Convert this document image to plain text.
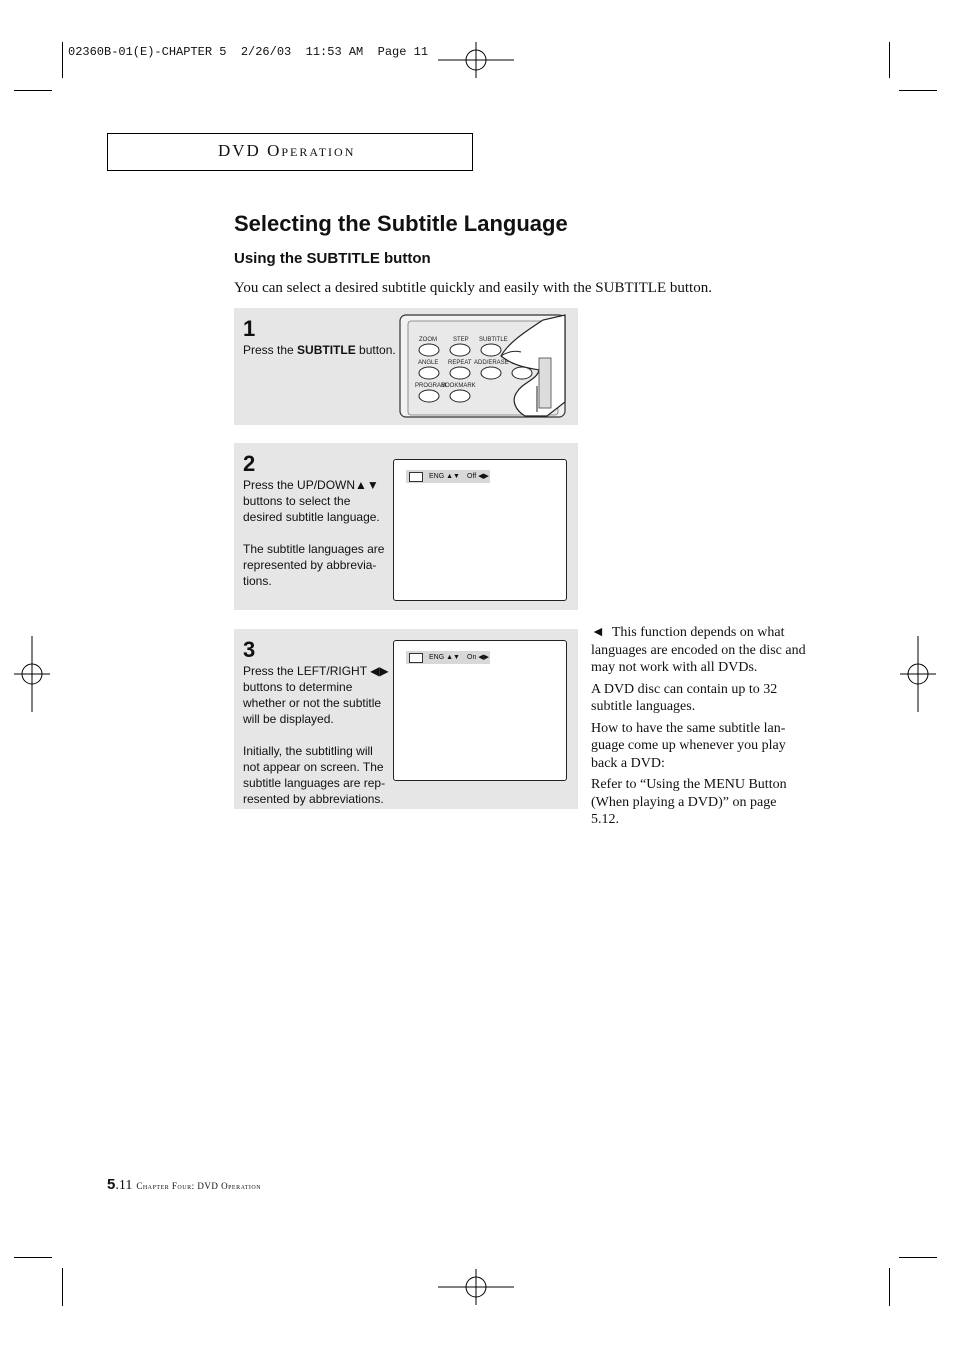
02360B-01(E)-CHAPTER 5  2/26/03  11:53 AM  Page 11
DVD Operation
Selecting the Subtitle Language
Using the SUBTITLE button
You can select a desired subtitle quickly and easily with the SUBTITLE button.
1
Press the SUBTITLE button.
ZOOM	STEP SUBTITLE
ANGLE REPEAT ADD/ERASE
PROGRAM
BOOKMARK
2

Press the UP/DOWN▲▼

buttons to select the

desired subtitle language.

The subtitle languages are

represented by abbrevia-

tions.

ENG ▲▼ Off ◀▶
3

Press the LEFT/RIGHT ◀▶

buttons to determine

whether or not the subtitle

will be displayed.

Initially, the subtitling will

not appear on screen. The

subtitle languages are rep-

resented by abbreviations.

ENG ▲▼ On ◀▶

◄ This function depends on what languages are encoded on the disc and may not work with all DVDs.

A DVD disc can contain up to 32 subtitle languages.

How to have the same subtitle lan- guage come up whenever you play back a DVD:

Refer to “Using the MENU Button (When playing a DVD)” on page 5.12.

5.11 Chapter Four: DVD Operation
